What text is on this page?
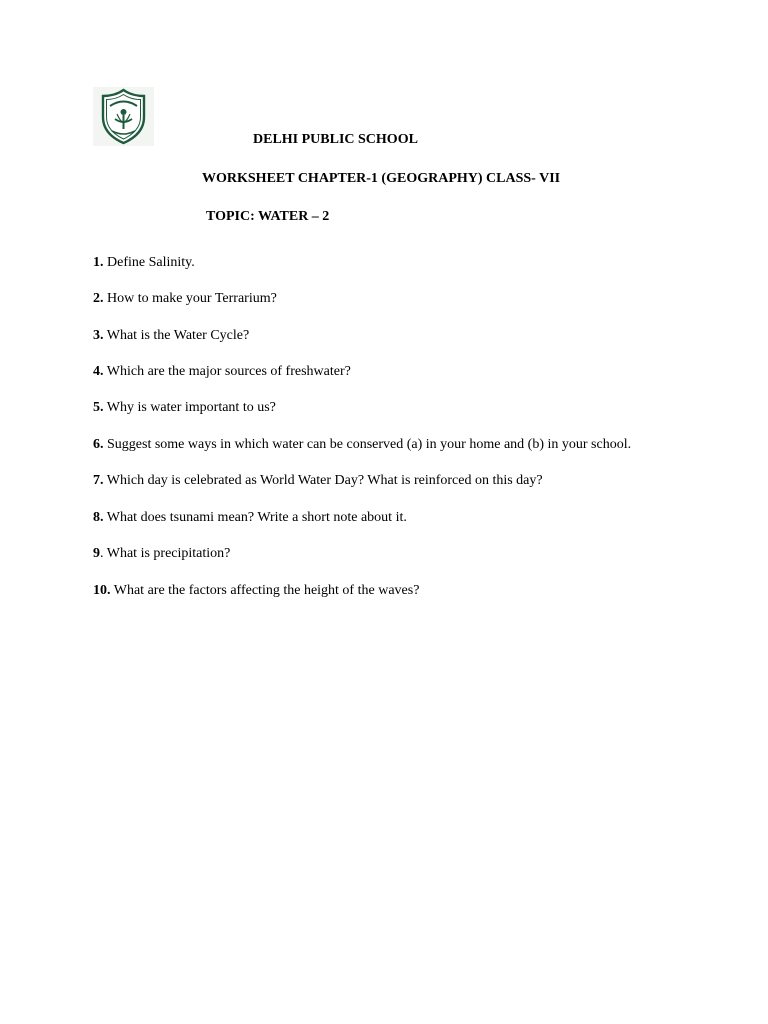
DELHI PUBLIC SCHOOL
WORKSHEET CHAPTER-1 (GEOGRAPHY) CLASS- VII
TOPIC: WATER – 2
1. Define Salinity.
2. How to make your Terrarium?
3. What is the Water Cycle?
4. Which are the major sources of freshwater?
5. Why is water important to us?
6. Suggest some ways in which water can be conserved (a) in your home and (b) in your school.
7. Which day is celebrated as World Water Day? What is reinforced on this day?
8. What does tsunami mean? Write a short note about it.
9. What is precipitation?
10. What are the factors affecting the height of the waves?
